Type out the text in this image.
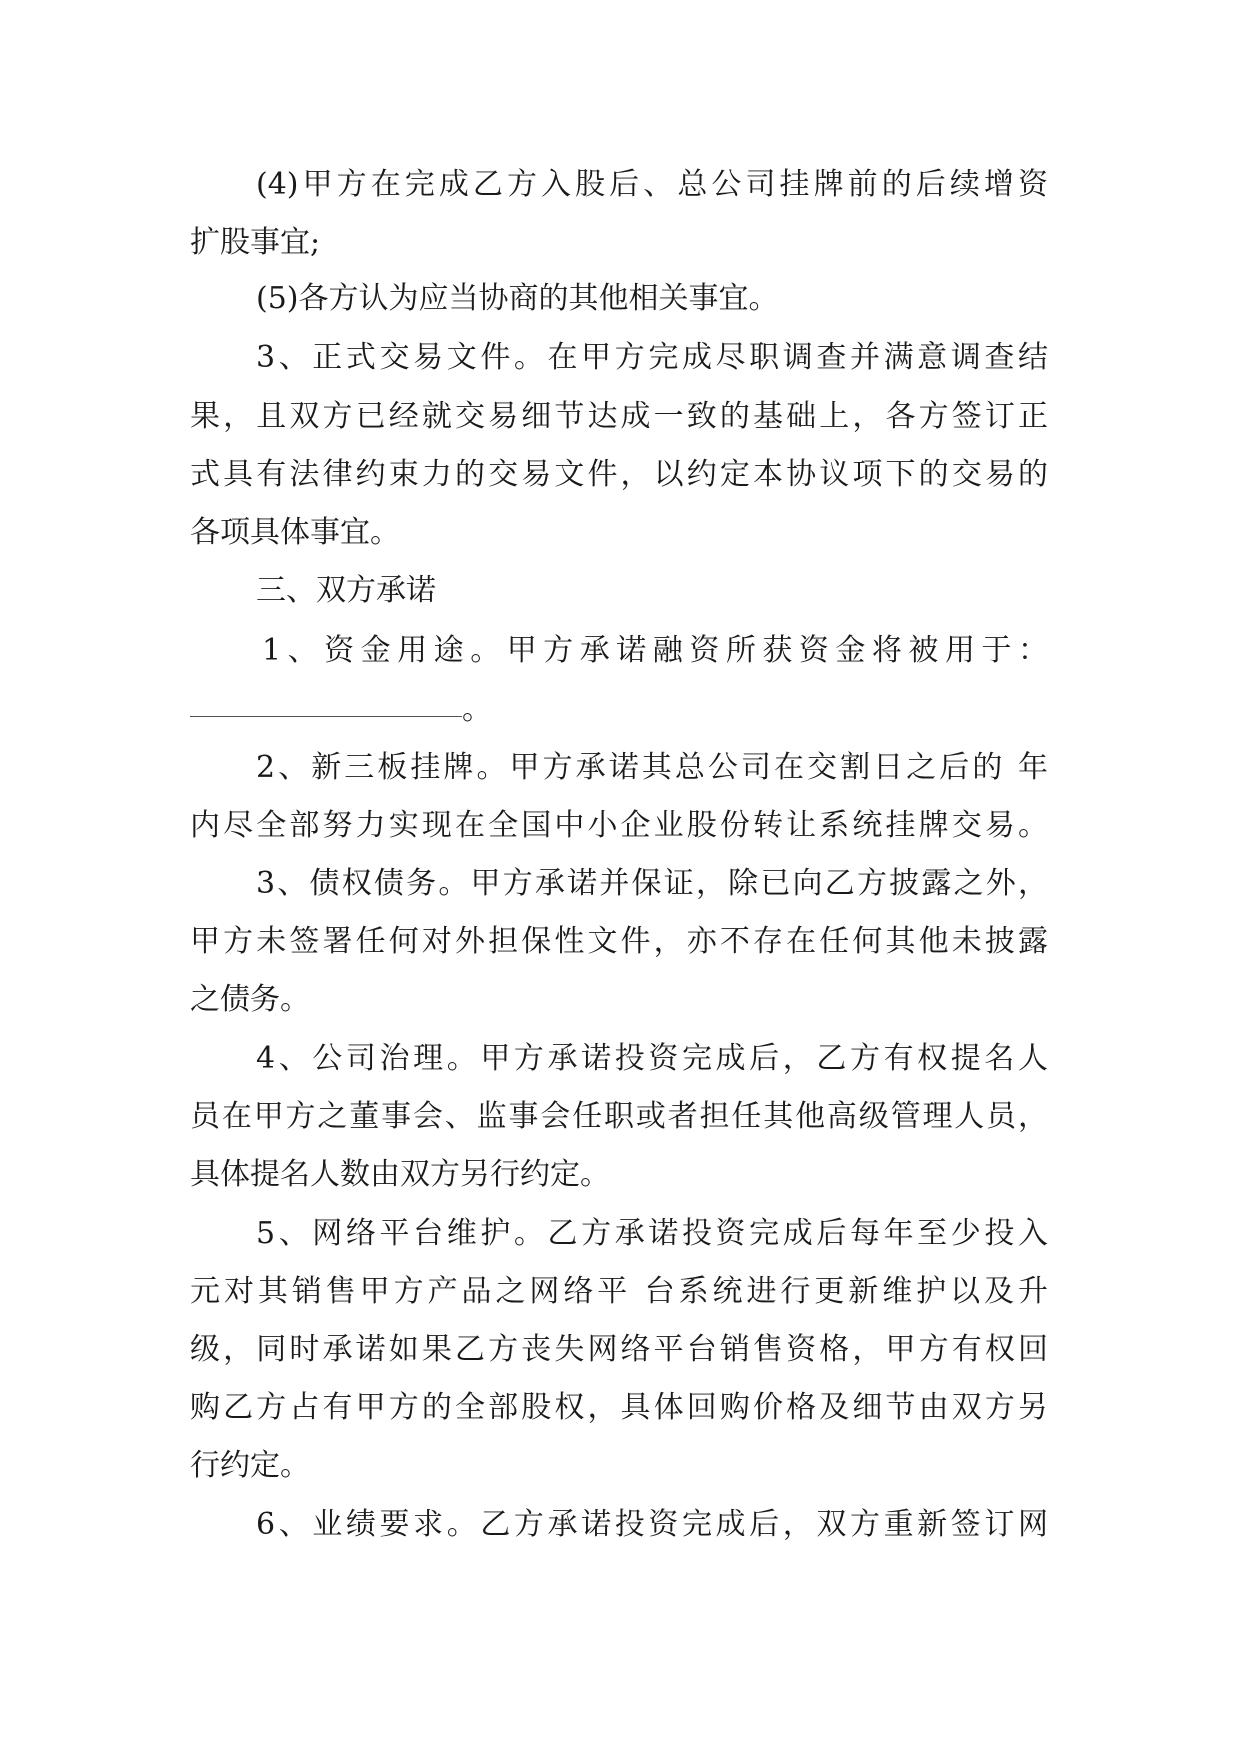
(4)甲方在完成乙方入股后、总公司挂牌前的后续增资
扩股事宜;
(5)各方认为应当协商的其他相关事宜。
3、正式交易文件。在甲方完成尽职调查并满意调查结
果，且双方已经就交易细节达成一致的基础上，各方签订正
式具有法律约束力的交易文件，以约定本协议项下的交易的
各项具体事宜。
三、双方承诺
1、资金用途。甲方承诺融资所获资金将被用于：
。
2、新三板挂牌。甲方承诺其总公司在交割日之后的 年
内尽全部努力实现在全国中小企业股份转让系统挂牌交易。
3、债权债务。甲方承诺并保证，除已向乙方披露之外，
甲方未签署任何对外担保性文件，亦不存在任何其他未披露
之债务。
4、公司治理。甲方承诺投资完成后，乙方有权提名人
员在甲方之董事会、监事会任职或者担任其他高级管理人员，
具体提名人数由双方另行约定。
5、网络平台维护。乙方承诺投资完成后每年至少投入
元对其销售甲方产品之网络平 台系统进行更新维护以及升
级，同时承诺如果乙方丧失网络平台销售资格，甲方有权回
购乙方占有甲方的全部股权，具体回购价格及细节由双方另
行约定。
6、业绩要求。乙方承诺投资完成后，双方重新签订网
